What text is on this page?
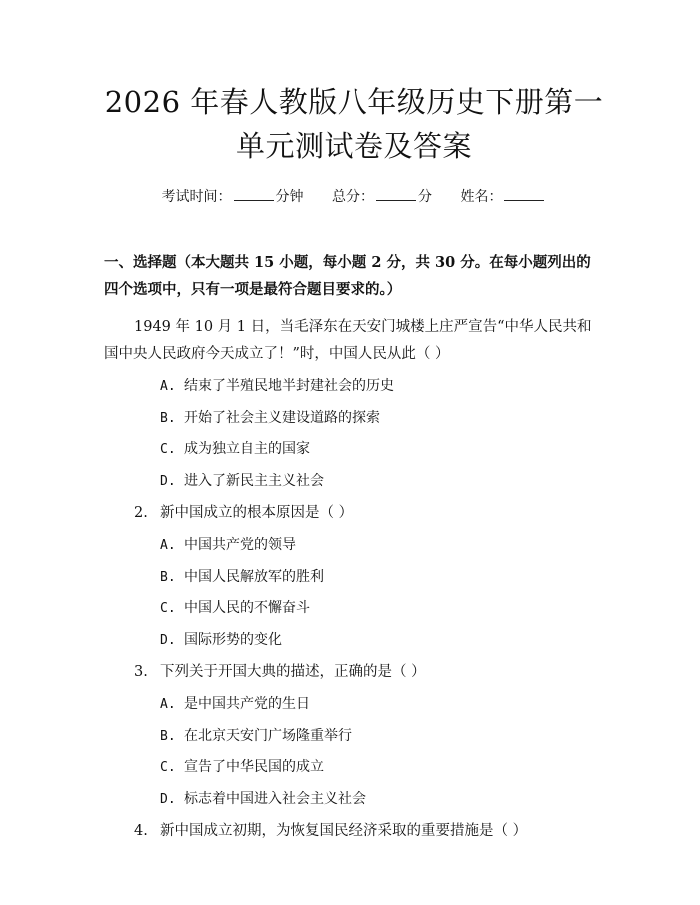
2026 年春人教版八年级历史下册第一单元测试卷及答案
考试时间：	分钟 总分：	分 姓名：
一、选择题（本大题共 15 小题，每小题 2 分，共 30 分。在每小题列出的四个选项中，只有一项是最符合题目要求的。）
1949 年 10 月 1 日，当毛泽东在天安门城楼上庄严宣告“中华人民共和国中央人民政府今天成立了！”时，中国人民从此（ ）
A. 结束了半殖民地半封建社会的历史
B. 开始了社会主义建设道路的探索
C. 成为独立自主的国家
D. 进入了新民主主义社会
2. 新中国成立的根本原因是（ ）
A. 中国共产党的领导
B. 中国人民解放军的胜利
C. 中国人民的不懈奋斗
D. 国际形势的变化
3. 下列关于开国大典的描述，正确的是（ ）
A. 是中国共产党的生日
B. 在北京天安门广场隆重举行
C. 宣告了中华民国的成立
D. 标志着中国进入社会主义社会
4. 新中国成立初期，为恢复国民经济采取的重要措施是（ ）
